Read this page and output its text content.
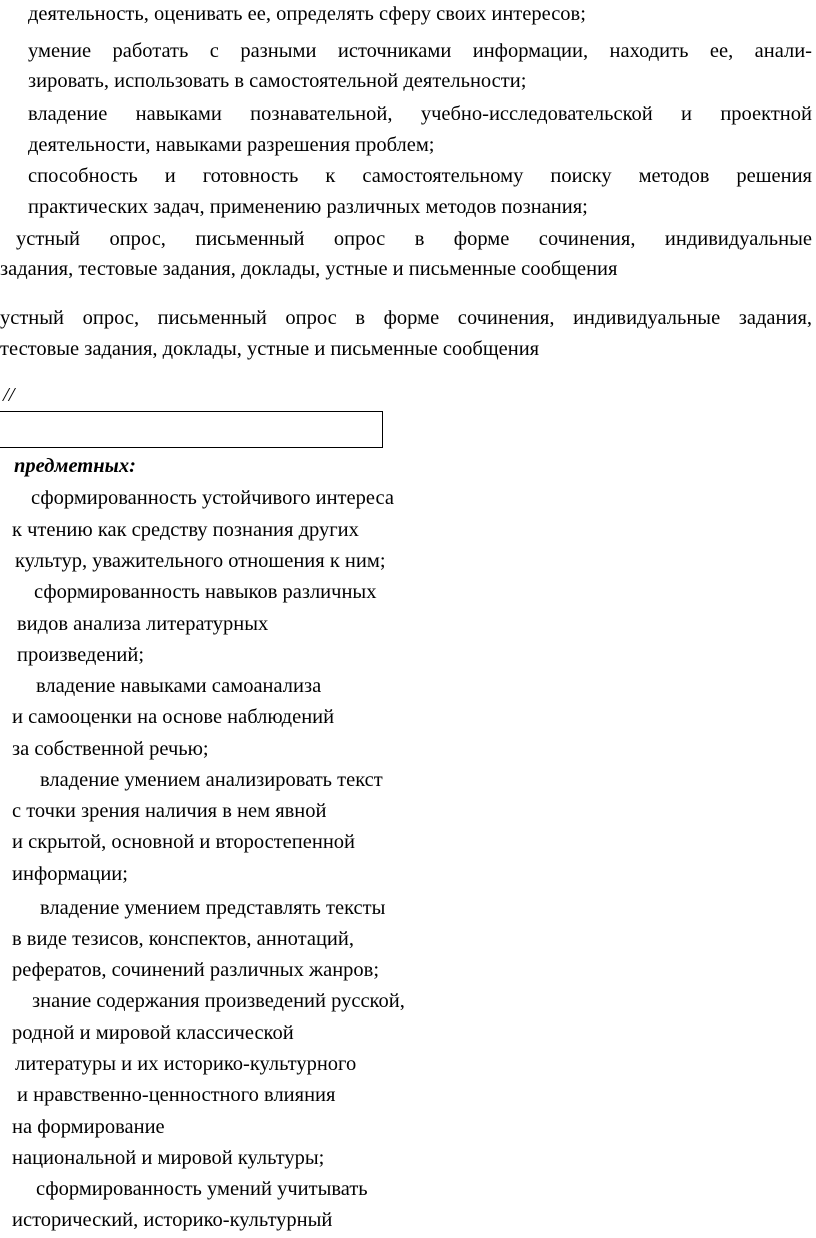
деятельность, оценивать ее, определять сферу своих интересов;
умение работать с разными источниками информации, находить ее, анали-
зировать, использовать в самостоятельной деятельности;
владение навыками познавательной, учебно-исследовательской и проектной
деятельности, навыками разрешения проблем;
способность и готовность к самостоятельному поиску методов решения
практических задач, применению различных методов познания;
устный опрос, письменный опрос в форме сочинения, индивидуальные
задания, тестовые задания, доклады, устные и письменные сообщения
устный опрос, письменный опрос в форме сочинения, индивидуальные задания,
тестовые задания, доклады, устные и письменные сообщения
//
предметных:
сформированность устойчивого интереса
к чтению как средству познания других
культур, уважительного отношения к ним;
сформированность навыков различных
видов анализа литературных
произведений;
владение навыками самоанализа
и самооценки на основе наблюдений
за собственной речью;
владение умением анализировать текст
с точки зрения наличия в нем явной
и скрытой, основной и второстепенной
информации;
владение умением представлять тексты
в виде тезисов, конспектов, аннотаций,
рефератов, сочинений различных жанров;
знание содержания произведений русской,
родной и мировой классической
литературы и их историко-культурного
и нравственно-ценностного влияния
на формирование
национальной и мировой культуры;
сформированность умений учитывать
исторический, историко-культурный
